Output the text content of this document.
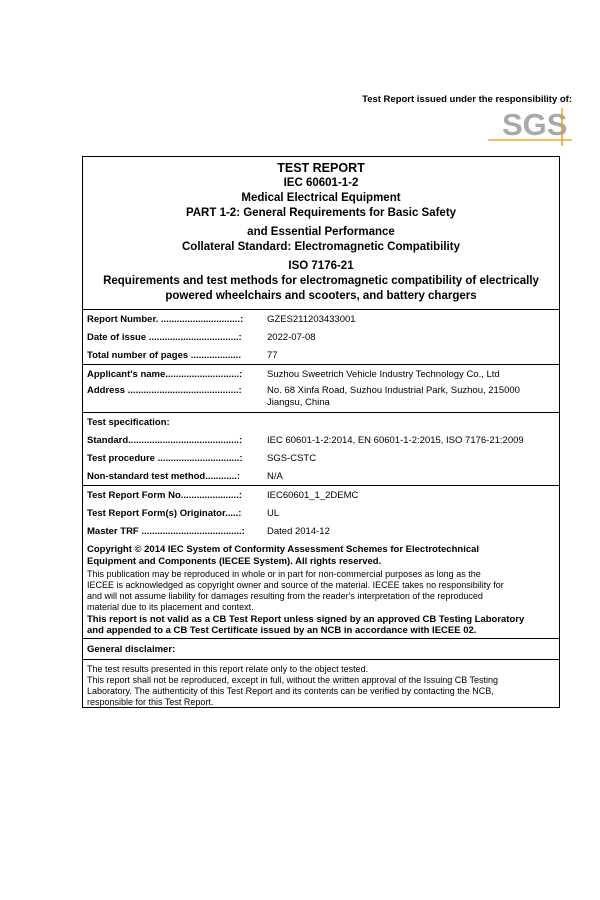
Test Report issued under the responsibility of:
SGS
TEST REPORT
IEC 60601-1-2
Medical Electrical Equipment
PART 1-2: General Requirements for Basic Safety
and Essential Performance
Collateral Standard: Electromagnetic Compatibility
ISO 7176-21
Requirements and test methods for electromagnetic compatibility of electrically
powered wheelchairs and scooters, and battery chargers
Report Number. ..............................:	GZES211203433001
Date of issue ..................................:	2022-07-08
Total number of pages ...................	77
Applicant's name............................:	Suzhou Sweetrich Vehicle Industry Technology Co., Ltd
Address ..........................................:	No. 68 Xinfa Road, Suzhou Industrial Park, Suzhou, 215000
Jiangsu, China
Test specification:
Standard..........................................:	IEC 60601-1-2:2014, EN 60601-1-2:2015, ISO 7176-21:2009
Test procedure ...............................:	SGS-CSTC
Non-standard test method............:	N/A
Test Report Form No......................:	IEC60601_1_2DEMC
Test Report Form(s) Originator.....:	UL
Master TRF ......................................:	Dated 2014-12
Copyright © 2014 IEC System of Conformity Assessment Schemes for Electrotechnical
Equipment and Components (IECEE System). All rights reserved.
This publication may be reproduced in whole or in part for non-commercial purposes as long as the
IECEE is acknowledged as copyright owner and source of the material. IECEE takes no responsibility for
and will not assume liability for damages resulting from the reader's interpretation of the reproduced
material due to its placement and context.
This report is not valid as a CB Test Report unless signed by an approved CB Testing Laboratory
and appended to a CB Test Certificate issued by an NCB in accordance with IECEE 02.
General disclaimer:
The test results presented in this report relate only to the object tested.
This report shall not be reproduced, except in full, without the written approval of the Issuing CB Testing
Laboratory. The authenticity of this Test Report and its contents can be verified by contacting the NCB,
responsible for this Test Report.
